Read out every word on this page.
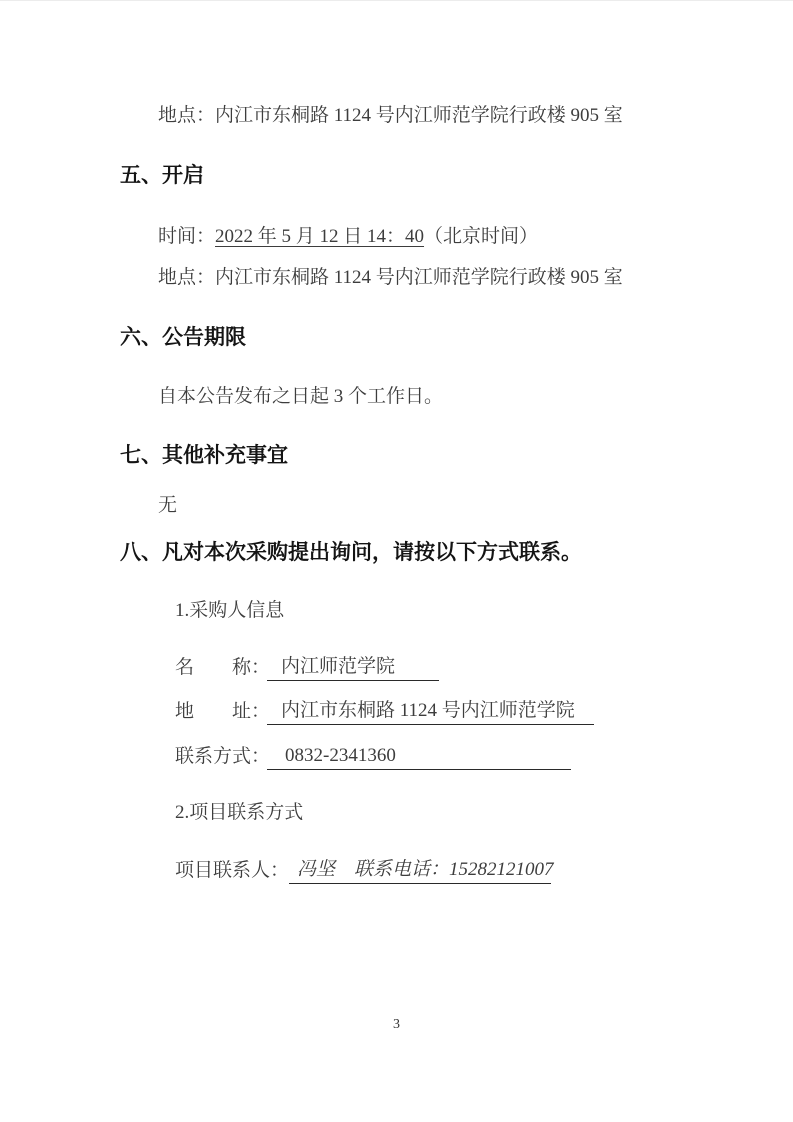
地点：内江市东桐路 1124 号内江师范学院行政楼 905 室
五、开启
时间：2022 年 5 月 12 日 14：40（北京时间）
地点：内江市东桐路 1124 号内江师范学院行政楼 905 室
六、公告期限
自本公告发布之日起 3 个工作日。
七、其他补充事宜
无
八、凡对本次采购提出询问，请按以下方式联系。
1.采购人信息
名　　称： 内江师范学院
地　　址： 内江市东桐路 1124 号内江师范学院
联系方式： 0832-2341360
2.项目联系方式
项目联系人： 冯坚　联系电话：15282121007
3
